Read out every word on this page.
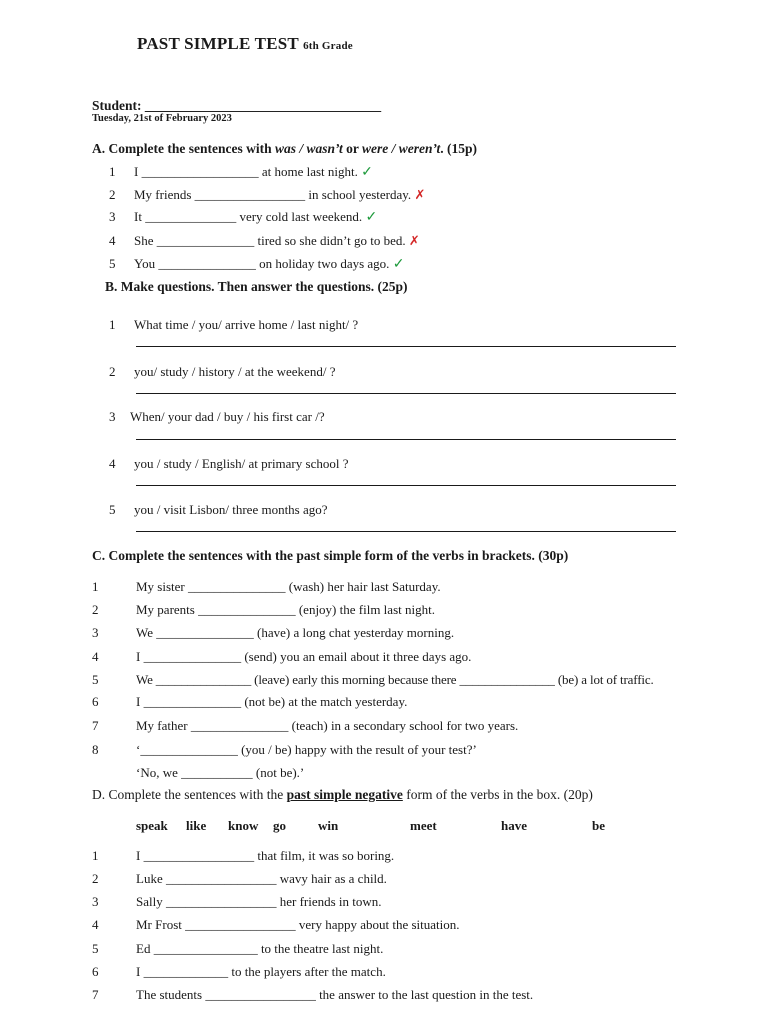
PAST SIMPLE TEST 6th Grade
Student: ___________________________________
Tuesday, 21st of February 2023
A. Complete the sentences with was / wasn’t or were / weren’t. (15p)
1 I __________________ at home last night. ✓
2 My friends _________________ in school yesterday. ✗
3 It ______________ very cold last weekend. ✓
4 She _______________ tired so she didn’t go to bed. ✗
5 You _______________ on holiday two days ago. ✓
B. Make questions. Then answer the questions. (25p)
1 What time / you/ arrive home / last night/ ?
2 you/ study / history / at the weekend/ ?
3 When/ your dad / buy / his first car /?
4 you / study / English/ at primary school ?
5 you / visit Lisbon/ three months ago?
C. Complete the sentences with the past simple form of the verbs in brackets. (30p)
1	My sister _______________ (wash) her hair last Saturday.
2	My parents _______________ (enjoy) the film last night.
3	We _______________ (have) a long chat yesterday morning.
4	I _______________ (send) you an email about it three days ago.
5	We _______________ (leave) early this morning because there _______________ (be) a lot of traffic.
6	I _______________ (not be) at the match yesterday.
7	My father _______________ (teach) in a secondary school for two years.
8	‘_______________ (you / be) happy with the result of your test?’
‘No, we ___________ (not be).’
D. Complete the sentences with the past simple negative form of the verbs in the box. (20p)
speak like know go win	meet	have	be
1	I _________________ that film, it was so boring.
2	Luke _________________ wavy hair as a child.
3	Sally _________________ her friends in town.
4	Mr Frost _________________ very happy about the situation.
5	Ed ________________ to the theatre last night.
6	I _____________ to the players after the match.
7	The students _________________ the answer to the last question in the test.
